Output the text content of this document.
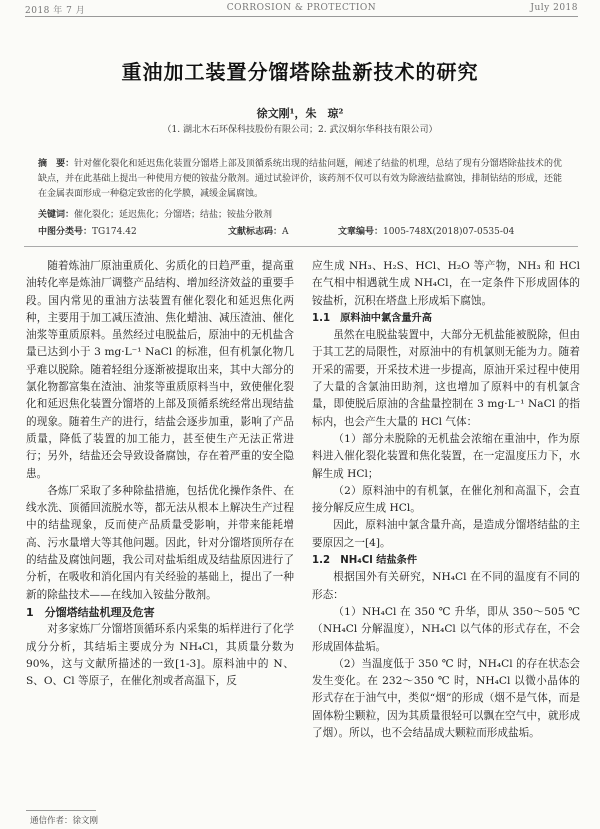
2018 年 7 月	CORROSION & PROTECTION	July 2018
重油加工装置分馏塔除盐新技术的研究
徐文刚¹，朱　琼²
（1. 湖北木石环保科技股份有限公司；2. 武汉炯尔华科技有限公司）
摘　要：针对催化裂化和延迟焦化装置分馏塔上部及顶循系统出现的结盐问题，阐述了结盐的机理，总结了现有分馏塔除盐技术的优缺点，并在此基础上提出一种使用方便的铵盐分散剂。通过试验评价，该药剂不仅可以有效为除液结盐腐蚀，排制钻结的形成，还能在金属表面形成一种稳定致密的化学膜，减缓金属腐蚀。
关键词：催化裂化；延迟焦化；分馏塔；结盐；铵盐分散剂
中图分类号：TG174.42	文献标志码：A	文章编号：1005-748X(2018)07-0535-04

随着炼油厂原油重质化、劣质化的日趋严重，提高重油转化率是炼油厂调整产品结构、增加经济效益的重要手段。国内常见的重油方法装置有催化裂化和延迟焦化两种，主要用于加工减压渣油、焦化蜡油、减压渣油、催化油浆等重质原料。虽然经过电脱盐后，原油中的无机盐含量已达到小于 3 mg·L⁻¹ NaCl 的标准，但有机氯化物几乎难以脱除。随着轻组分逐渐被提取出来，其中大部分的氯化物都富集在渣油、油浆等重质原料当中，致使催化裂化和延迟焦化装置分馏塔的上部及顶循系统经常出现结盐的现象。随着生产的进行，结盐会逐步加重，影响了产品质量，降低了装置的加工能力，甚至使生产无法正常进行；另外，结盐还会导致设备腐蚀，存在着严重的安全隐患。

各炼厂采取了多种除盐措施，包括优化操作条件、在线水洗、顶循回流脱水等，都无法从根本上解决生产过程中的结盐现象，反而使产品质量受影响，并带来能耗增高、污水量增大等其他问题。因此，针对分馏塔顶所存在的结盐及腐蚀问题，我公司对盐垢组成及结盐原因进行了分析，在吸收和消化国内有关经验的基础上，提出了一种新的除盐技术——在线加入铵盐分散剂。

1　分馏塔结盐机理及危害

对多家炼厂分馏塔顶循环系内采集的垢样进行了化学成分分析，其结垢主要成分为 NH₄Cl，其质量分数为 90%，这与文献所描述的一致[1-3]。原料油中的 N、S、O、Cl 等原子，在催化剂或者高温下，反

应生成 NH₃、H₂S、HCl、H₂O 等产物，NH₃ 和 HCl 在气相中相遇就生成 NH₄Cl，在一定条件下形成固体的铵盐析，沉积在塔盘上形成垢下腐蚀。

1.1　原料油中氯含量升高

虽然在电脱盐装置中，大部分无机盐能被脱除，但由于其工艺的局限性，对原油中的有机氯则无能为力。随着开采的需要，开采技术进一步提高，原油开采过程中使用了大量的含氯油田助剂，这也增加了原料中的有机氯含量，即使脱后原油的含盐量控制在 3 mg·L⁻¹ NaCl 的指标内，也会产生大量的 HCl 气体：

（1）部分未脱除的无机盐会浓缩在重油中，作为原料进入催化裂化装置和焦化装置，在一定温度压力下，水解生成 HCl；

（2）原料油中的有机氯，在催化剂和高温下，会直接分解反应生成 HCl。

因此，原料油中氯含量升高，是造成分馏塔结盐的主要原因之一[4]。

1.2　NH₄Cl 结盐条件

根据国外有关研究，NH₄Cl 在不同的温度有不同的形态：

（1）NH₄Cl 在 350 ℃ 升华，即从 350～505 ℃（NH₄Cl 分解温度），NH₄Cl 以气体的形式存在，不会形成固体盐垢。

（2）当温度低于 350 ℃ 时，NH₄Cl 的存在状态会发生变化。在 232～350 ℃ 时，NH₄Cl 以微小晶体的形式存在于油气中，类似“烟”的形成（烟不是气体，而是固体粉尘颗粒，因为其质量很轻可以飘在空气中，就形成了烟）。所以，也不会结晶成大颗粒而形成盐垢。

通信作者：徐文刚
